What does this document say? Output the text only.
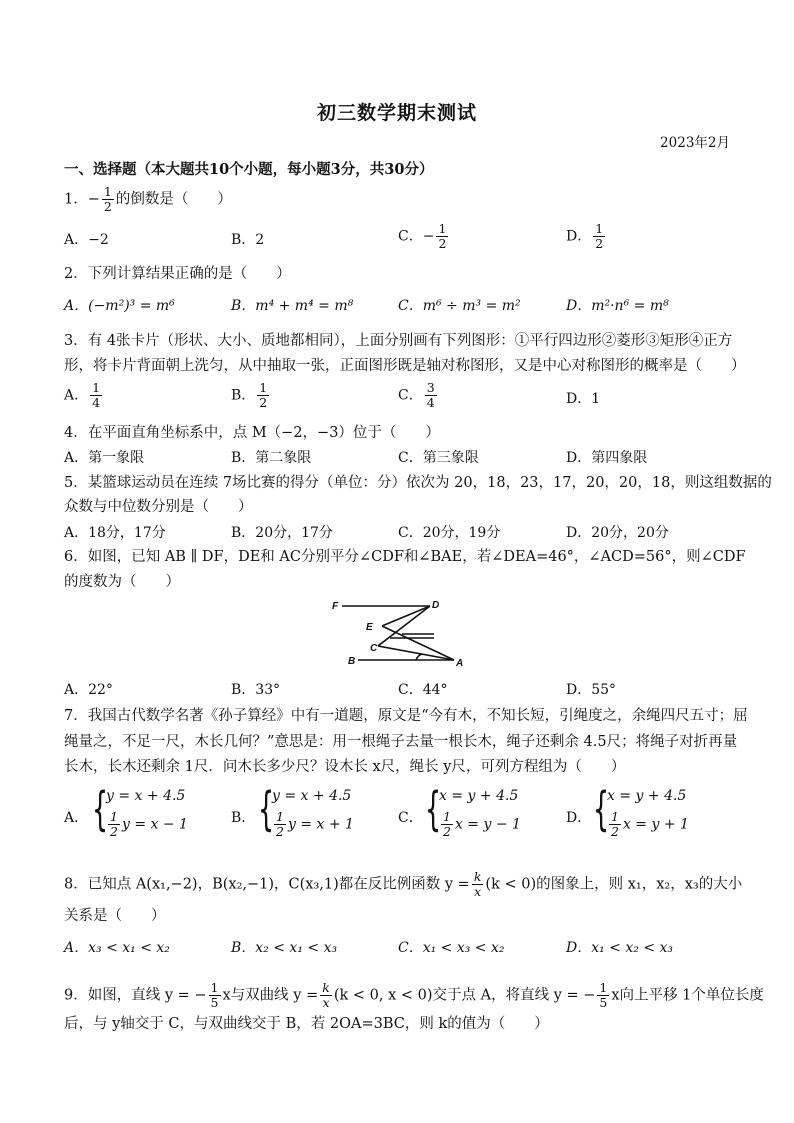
初三数学期末测试
2023年2月
一、选择题（本大题共10个小题，每小题3分，共30分）
1．− $\frac{1}{2}$ 的倒数是（　　）
A．−2	B．2	C．− $\frac{1}{2}$	D． $\frac{1}{2}$
2．下列计算结果正确的是（　　）
A．(−m²)³ = m⁶	B．m⁴ + m⁴ = m⁸	C．m⁶ ÷ m³ = m²	D．m²·n⁶ = m⁸
3．有 4张卡片（形状、大小、质地都相同），上面分别画有下列图形：①平行四边形②菱形③矩形④正方
形，将卡片背面朝上洗匀，从中抽取一张，正面图形既是轴对称图形，又是中心对称图形的概率是（　　）
A． $\frac{1}{4}$	B． $\frac{1}{2}$	C． $\frac{3}{4}$	D．1
4．在平面直角坐标系中，点 M（−2，−3）位于（　　）
A．第一象限	B．第二象限	C．第三象限	D．第四象限
5．某篮球运动员在连续 7场比赛的得分（单位：分）依次为 20，18，23，17，20，20，18，则这组数据的
众数与中位数分别是（　　）
A．18分，17分	B．20分，17分	C．20分，19分	D．20分，20分
6．如图，已知 AB ∥ DF，DE和 AC分别平分∠CDF和∠BAE，若∠DEA=46°，∠ACD=56°，则∠CDF
的度数为（　　）
F	D
E
C
B	A
A．22°	B．33°	C．44°	D．55°
7．我国古代数学名著《孙子算经》中有一道题，原文是“今有木，不知长短，引绳度之，余绳四尺五寸；屈
绳量之，不足一尺，木长几何？”意思是：用一根绳子去量一根长木，绳子还剩余 4.5尺；将绳子对折再量
长木，长木还剩余 1尺．问木长多少尺？设木长 x尺，绳长 y尺，可列方程组为（　　）
A． {
y = x + 4.5
$\frac{1}{2}$ y = x − 1	B． {
y = x + 4.5
$\frac{1}{2}$ y = x + 1	C． {
x = y + 4.5
$\frac{1}{2}$ x = y − 1	D． {
x = y + 4.5
$\frac{1}{2}$ x = y + 1
8．已知点 A(x₁,−2)，B(x₂,−1)，C(x₃,1)都在反比例函数 $y = \frac{k}{x} (k < 0)$的图象上，则 x₁，x₂，x₃的大小
关系是（　　）
A．x₃ < x₁ < x₂	B．x₂ < x₁ < x₃	C．x₁ < x₃ < x₂	D．x₁ < x₂ < x₃
9．如图，直线 y = − $\frac{1}{5}$ x与双曲线 $y = \frac{k}{x} (k < 0$, x < 0)交于点 A，将直线 y = − $\frac{1}{5}$ x向上平移 1个单位长度
后，与 y轴交于 C，与双曲线交于 B，若 2OA=3BC，则 k的值为（　　）
